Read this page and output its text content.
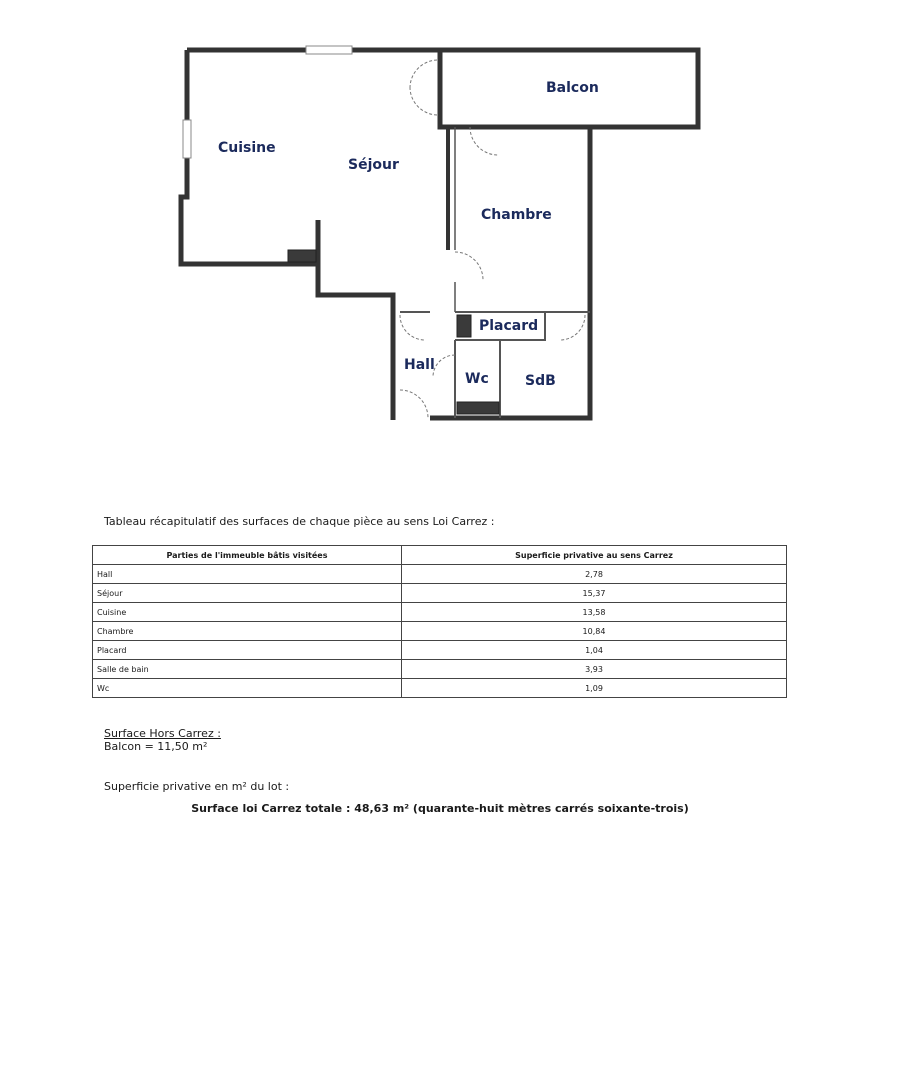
Balcon
Cuisine
Séjour
Chambre
Placard
Hall
Wc	SdB
Tableau récapitulatif des surfaces de chaque pièce au sens Loi Carrez :
Parties de l'immeuble bâtis visitées	Superficie privative au sens Carrez
Hall	2,78
Séjour	15,37
Cuisine	13,58
Chambre	10,84
Placard	1,04
Salle de bain	3,93
Wc	1,09
Surface Hors Carrez :
Balcon = 11,50 m²
Superficie privative en m² du lot :
Surface loi Carrez totale : 48,63 m² (quarante-huit mètres carrés soixante-trois)
